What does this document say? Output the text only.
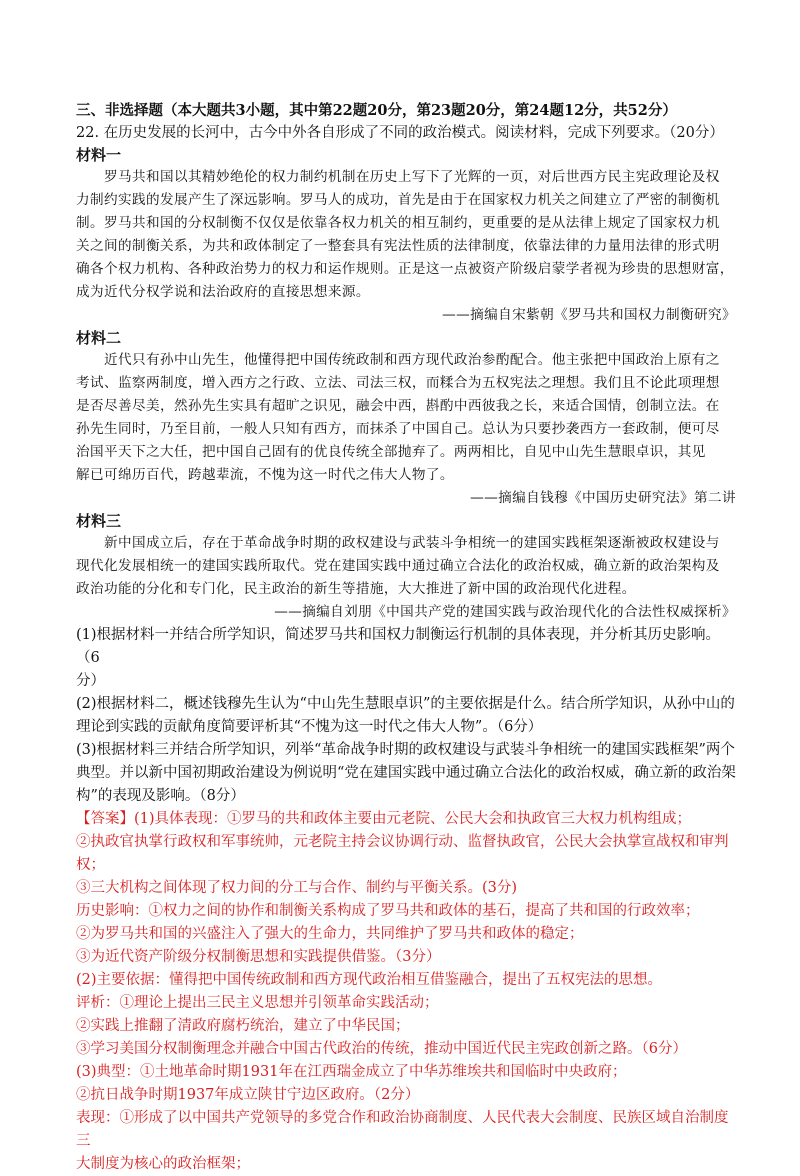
三、非选择题（本大题共3小题，其中第22题20分，第23题20分，第24题12分，共52分）
22. 在历史发展的长河中，古今中外各自形成了不同的政治模式。阅读材料，完成下列要求。（20分）
材料一
罗马共和国以其精妙绝伦的权力制约机制在历史上写下了光辉的一页，对后世西方民主宪政理论及权
力制约实践的发展产生了深远影响。罗马人的成功，首先是由于在国家权力机关之间建立了严密的制衡机
制。罗马共和国的分权制衡不仅仅是依靠各权力机关的相互制约，更重要的是从法律上规定了国家权力机
关之间的制衡关系，为共和政体制定了一整套具有宪法性质的法律制度，依靠法律的力量用法律的形式明
确各个权力机构、各种政治势力的权力和运作规则。正是这一点被资产阶级启蒙学者视为珍贵的思想财富，
成为近代分权学说和法治政府的直接思想来源。
——摘编自宋紫朝《罗马共和国权力制衡研究》
材料二
近代只有孙中山先生，他懂得把中国传统政制和西方现代政治参酌配合。他主张把中国政治上原有之
考试、监察两制度，增入西方之行政、立法、司法三权，而糅合为五权宪法之理想。我们且不论此项理想
是否尽善尽美，然孙先生实具有超旷之识见，融会中西，斟酌中西彼我之长，来适合国情，创制立法。在
孙先生同时，乃至目前，一般人只知有西方，而抹杀了中国自己。总认为只要抄袭西方一套政制，便可尽
治国平天下之大任，把中国自己固有的优良传统全部抛弃了。两两相比，自见中山先生慧眼卓识，其见
解已可绵历百代，跨越辈流，不愧为这一时代之伟大人物了。
——摘编自钱穆《中国历史研究法》第二讲
材料三
新中国成立后，存在于革命战争时期的政权建设与武装斗争相统一的建国实践框架逐渐被政权建设与
现代化发展相统一的建国实践所取代。党在建国实践中通过确立合法化的政治权威，确立新的政治架构及
政治功能的分化和专门化，民主政治的新生等措施，大大推进了新中国的政治现代化进程。
——摘编自刘朋《中国共产党的建国实践与政治现代化的合法性权威探析》
(1)根据材料一并结合所学知识，简述罗马共和国权力制衡运行机制的具体表现，并分析其历史影响。（6
分）
(2)根据材料二，概述钱穆先生认为“中山先生慧眼卓识”的主要依据是什么。结合所学知识，从孙中山的
理论到实践的贡献角度简要评析其“不愧为这一时代之伟大人物”。（6分）
(3)根据材料三并结合所学知识，列举“革命战争时期的政权建设与武装斗争相统一的建国实践框架”两个
典型。并以新中国初期政治建设为例说明“党在建国实践中通过确立合法化的政治权威，确立新的政治架
构”的表现及影响。（8分）
【答案】(1)具体表现：①罗马的共和政体主要由元老院、公民大会和执政官三大权力机构组成；
②执政官执掌行政权和军事统帅，元老院主持会议协调行动、监督执政官，公民大会执掌宣战权和审判权；
③三大机构之间体现了权力间的分工与合作、制约与平衡关系。(3分)
历史影响：①权力之间的协作和制衡关系构成了罗马共和政体的基石，提高了共和国的行政效率；
②为罗马共和国的兴盛注入了强大的生命力，共同维护了罗马共和政体的稳定；
③为近代资产阶级分权制衡思想和实践提供借鉴。（3分）
(2)主要依据：懂得把中国传统政制和西方现代政治相互借鉴融合，提出了五权宪法的思想。
评析：①理论上提出三民主义思想并引领革命实践活动；
②实践上推翻了清政府腐朽统治，建立了中华民国；
③学习美国分权制衡理念并融合中国古代政治的传统，推动中国近代民主宪政创新之路。（6分）
(3)典型：①土地革命时期1931年在江西瑞金成立了中华苏维埃共和国临时中央政府；
②抗日战争时期1937年成立陕甘宁边区政府。（2分）
表现：①形成了以中国共产党领导的多党合作和政治协商制度、人民代表大会制度、民族区域自治制度三
大制度为核心的政治框架；
